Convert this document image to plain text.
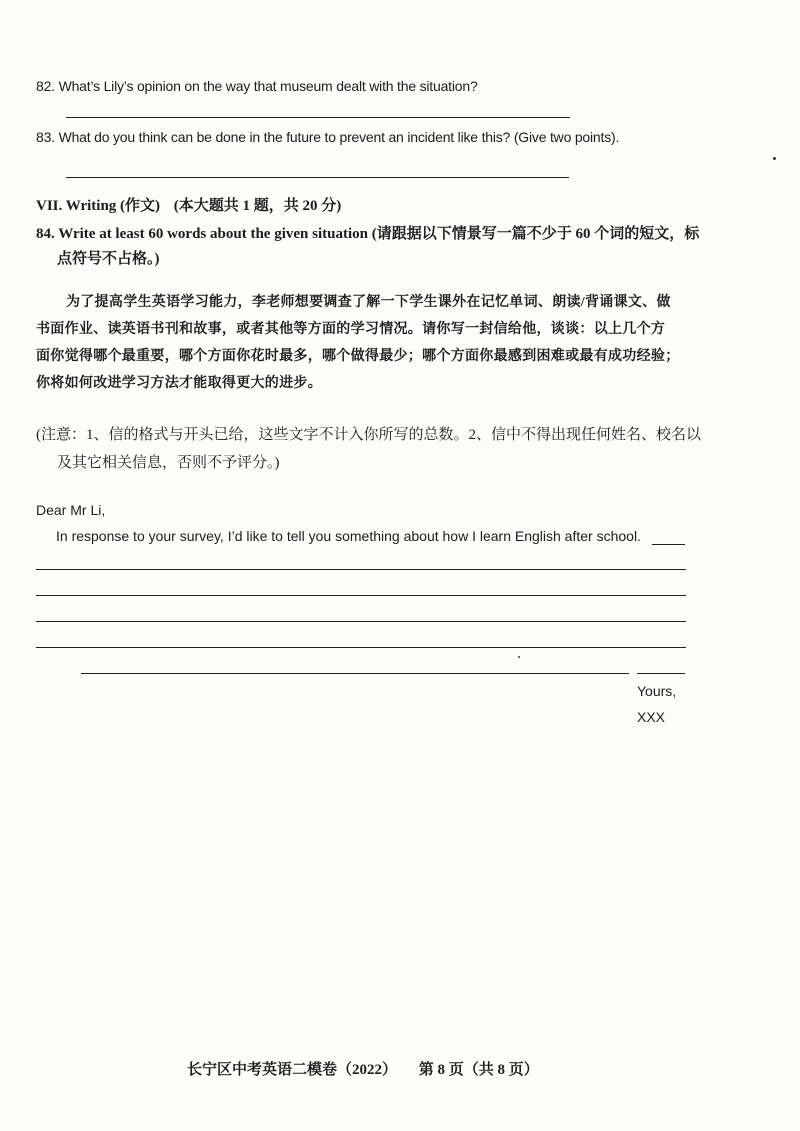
82. What’s Lily’s opinion on the way that museum dealt with the situation?
83. What do you think can be done in the future to prevent an incident like this? (Give two points).
VII. Writing (作文) (本大题共 1 题，共 20 分)
84. Write at least 60 words about the given situation (请跟据以下情景写一篇不少于 60 个词的短文，标
点符号不占格。)
为了提高学生英语学习能力，李老师想要调查了解一下学生课外在记忆单词、朗读/背诵课文、做
书面作业、读英语书刊和故事，或者其他等方面的学习情况。请你写一封信给他，谈谈：以上几个方
面你觉得哪个最重要，哪个方面你花时最多，哪个做得最少；哪个方面你最感到困难或最有成功经验；
你将如何改进学习方法才能取得更大的进步。
(注意：1、信的格式与开头已给，这些文字不计入你所写的总数。2、信中不得出现任何姓名、校名以
及其它相关信息，否则不予评分。)
Dear Mr Li,
In response to your survey, I’d like to tell you something about how I learn English after school.
Yours,
XXX
长宁区中考英语二模卷（2022） 第 8 页（共 8 页）
